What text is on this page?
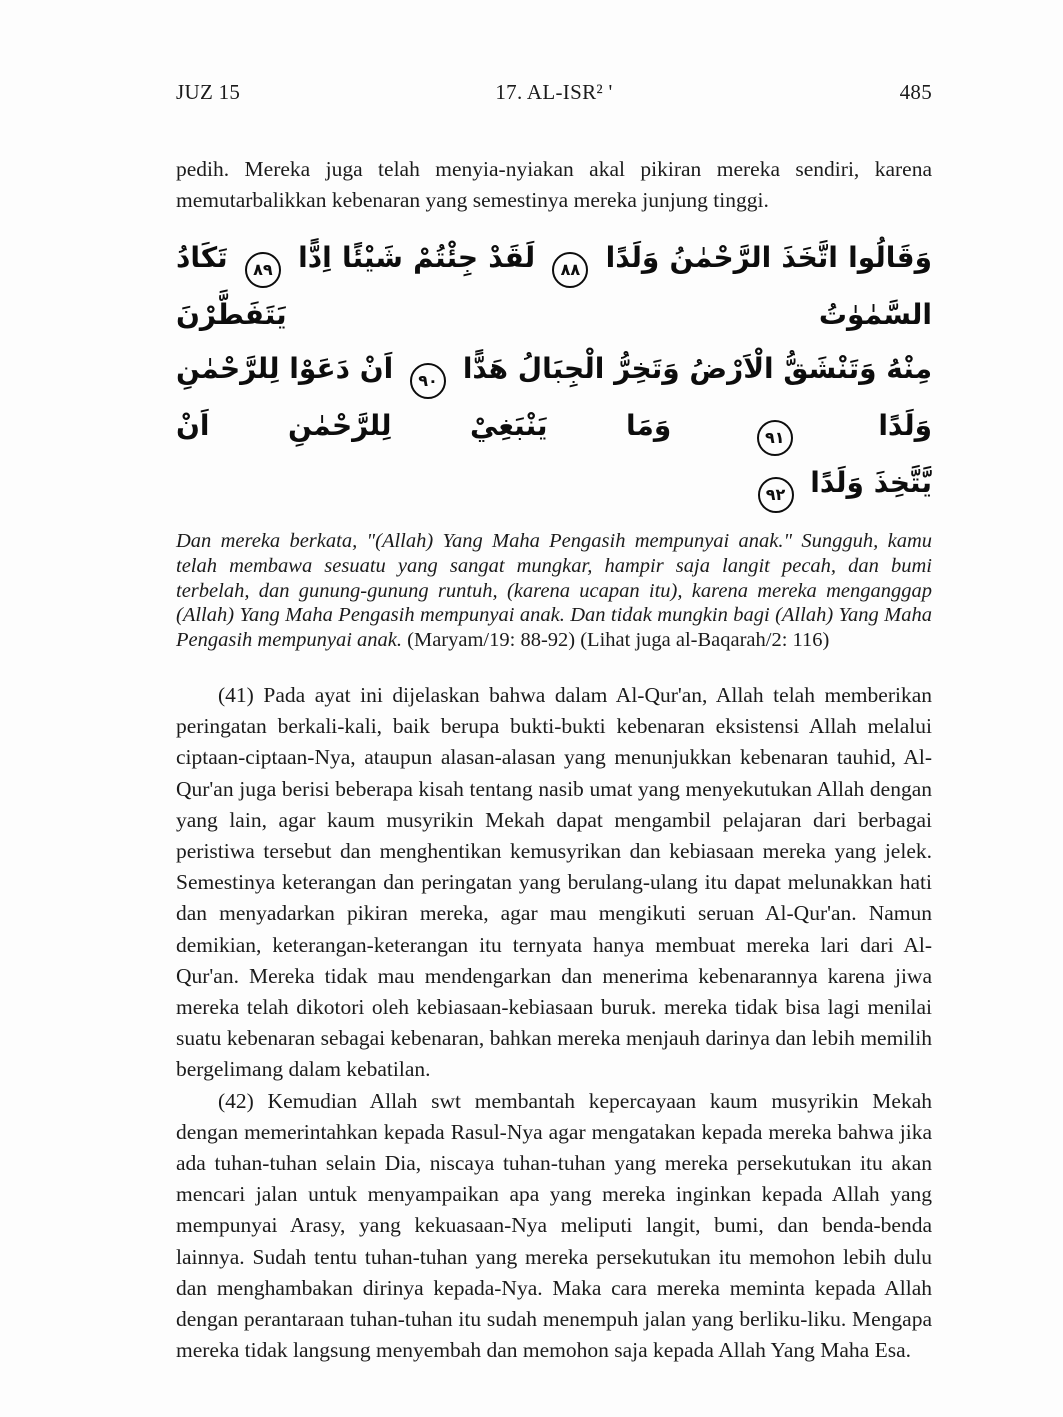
JUZ 15	17. AL-ISR² '	485

pedih. Mereka juga telah menyia-nyiakan akal pikiran mereka sendiri, karena memutarbalikkan kebenaran yang semestinya mereka junjung tinggi.

وَقَالُوا اتَّخَذَ الرَّحْمٰنُ وَلَدًا ٨٨ لَقَدْ جِئْتُمْ شَيْئًا اِدًّا ٨٩ تَكَادُ السَّمٰوٰتُ يَتَفَطَّرْنَ
مِنْهُ وَتَنْشَقُّ الْاَرْضُ وَتَخِرُّ الْجِبَالُ هَدًّا ٩٠ اَنْ دَعَوْا لِلرَّحْمٰنِ وَلَدًا ٩١ وَمَا يَنْبَغِيْ لِلرَّحْمٰنِ اَنْ
يَّتَّخِذَ وَلَدًا ٩٢

Dan mereka berkata, "(Allah) Yang Maha Pengasih mempunyai anak." Sungguh, kamu telah membawa sesuatu yang sangat mungkar, hampir saja langit pecah, dan bumi terbelah, dan gunung-gunung runtuh, (karena ucapan itu), karena mereka menganggap (Allah) Yang Maha Pengasih mempunyai anak. Dan tidak mungkin bagi (Allah) Yang Maha Pengasih mempunyai anak. (Maryam/19: 88-92) (Lihat juga al-Baqarah/2: 116)

(41) Pada ayat ini dijelaskan bahwa dalam Al-Qur'an, Allah telah memberikan peringatan berkali-kali, baik berupa bukti-bukti kebenaran eksistensi Allah melalui ciptaan-ciptaan-Nya, ataupun alasan-alasan yang menunjukkan kebenaran tauhid, Al-Qur'an juga berisi beberapa kisah tentang nasib umat yang menyekutukan Allah dengan yang lain, agar kaum musyrikin Mekah dapat mengambil pelajaran dari berbagai peristiwa tersebut dan menghentikan kemusyrikan dan kebiasaan mereka yang jelek. Semestinya keterangan dan peringatan yang berulang-ulang itu dapat melunakkan hati dan menyadarkan pikiran mereka, agar mau mengikuti seruan Al-Qur'an. Namun demikian, keterangan-keterangan itu ternyata hanya membuat mereka lari dari Al-Qur'an. Mereka tidak mau mendengarkan dan menerima kebenarannya karena jiwa mereka telah dikotori oleh kebiasaan-kebiasaan buruk. mereka tidak bisa lagi menilai suatu kebenaran sebagai kebenaran, bahkan mereka menjauh darinya dan lebih memilih bergelimang dalam kebatilan.

(42) Kemudian Allah swt membantah kepercayaan kaum musyrikin Mekah dengan memerintahkan kepada Rasul-Nya agar mengatakan kepada mereka bahwa jika ada tuhan-tuhan selain Dia, niscaya tuhan-tuhan yang mereka persekutukan itu akan mencari jalan untuk menyampaikan apa yang mereka inginkan kepada Allah yang mempunyai Arasy, yang kekuasaan-Nya meliputi langit, bumi, dan benda-benda lainnya. Sudah tentu tuhan-tuhan yang mereka persekutukan itu memohon lebih dulu dan menghambakan dirinya kepada-Nya. Maka cara mereka meminta kepada Allah dengan perantaraan tuhan-tuhan itu sudah menempuh jalan yang berliku-liku. Mengapa mereka tidak langsung menyembah dan memohon saja kepada Allah Yang Maha Esa.
